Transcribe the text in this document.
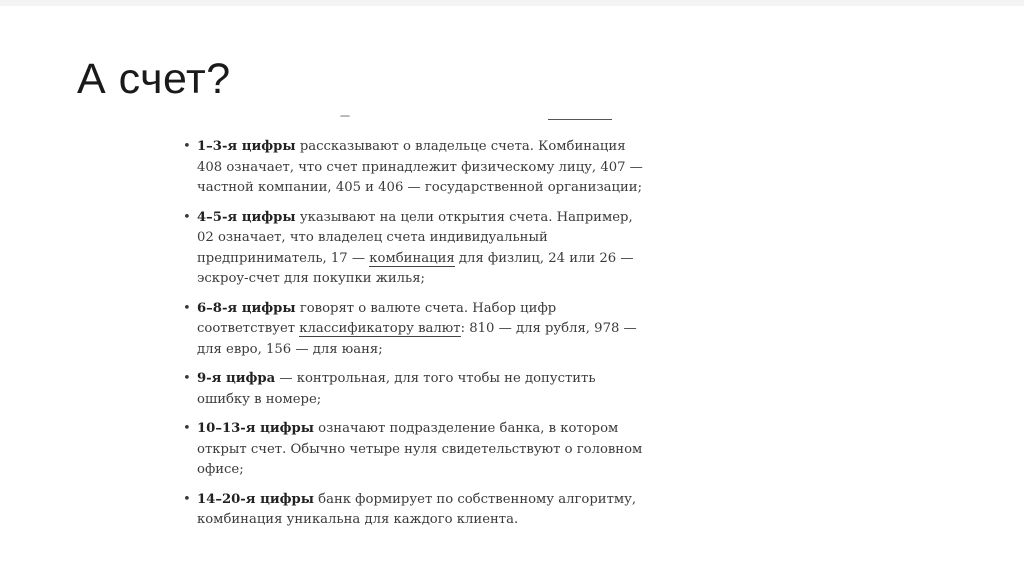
А счет?
• 1–3-я цифры рассказывают о владельце счета. Комбинация 408 означает, что счет принадлежит физическому лицу, 407 — частной компании, 405 и 406 — государственной организации;
• 4–5-я цифры указывают на цели открытия счета. Например, 02 означает, что владелец счета индивидуальный предприниматель, 17 — комбинация для физлиц, 24 или 26 — эскроу-счет для покупки жилья;
• 6–8-я цифры говорят о валюте счета. Набор цифр соответствует классификатору валют: 810 — для рубля, 978 — для евро, 156 — для юаня;
• 9-я цифра — контрольная, для того чтобы не допустить ошибку в номере;
• 10–13-я цифры означают подразделение банка, в котором открыт счет. Обычно четыре нуля свидетельствуют о головном офисе;
• 14–20-я цифры банк формирует по собственному алгоритму, комбинация уникальна для каждого клиента.
